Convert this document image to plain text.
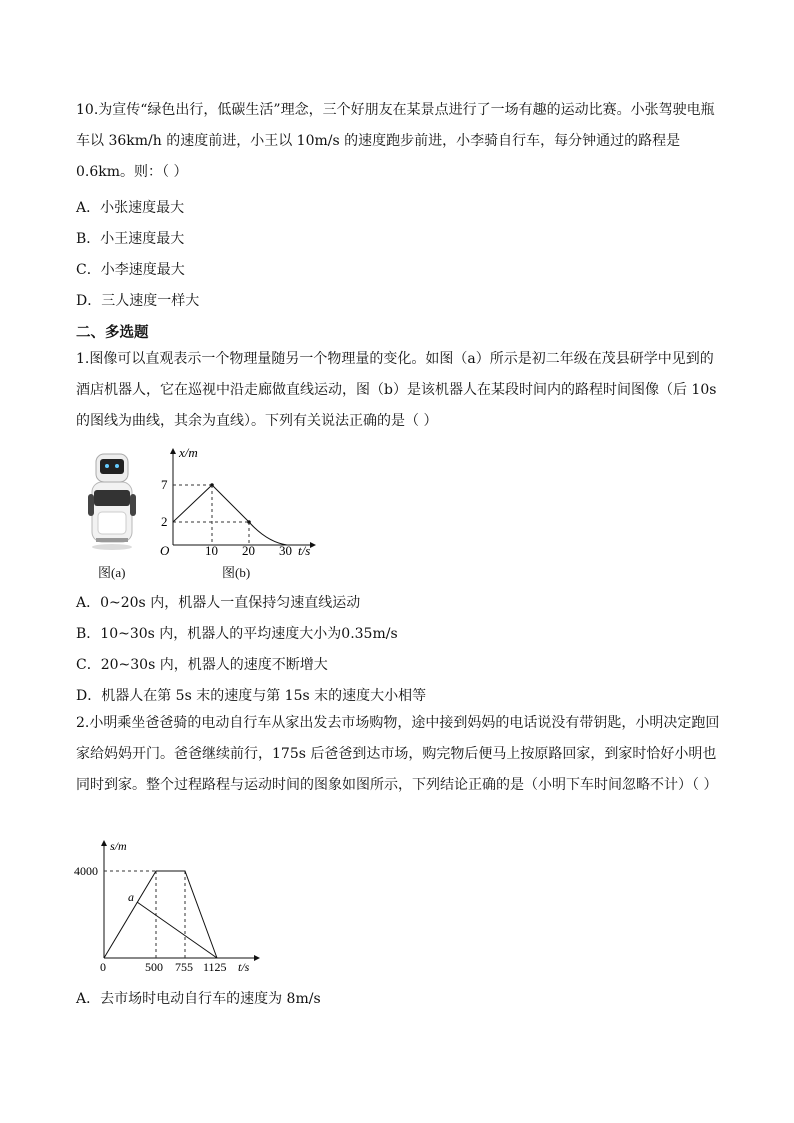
10.为宣传“绿色出行，低碳生活”理念，三个好朋友在某景点进行了一场有趣的运动比赛。小张驾驶电瓶车以 36km/h 的速度前进，小王以 10m/s 的速度跑步前进，小李骑自行车，每分钟通过的路程是 0.6km。则：（ ）
A．小张速度最大
B．小王速度最大
C．小李速度最大
D．三人速度一样大
二、多选题
1.图像可以直观表示一个物理量随另一个物理量的变化。如图（a）所示是初二年级在茂县研学中见到的酒店机器人，它在巡视中沿走廊做直线运动，图（b）是该机器人在某段时间内的路程时间图像（后 10s 的图线为曲线，其余为直线）。下列有关说法正确的是（ ）
图(a)
x/m
t/s
O
7
2
10 20 30
图(b)
A．0~20s 内，机器人一直保持匀速直线运动
B．10~30s 内，机器人的平均速度大小为0.35m/s
C．20~30s 内，机器人的速度不断增大
D．机器人在第 5s 末的速度与第 15s 末的速度大小相等
2.小明乘坐爸爸骑的电动自行车从家出发去市场购物，途中接到妈妈的电话说没有带钥匙，小明决定跑回家给妈妈开门。爸爸继续前行，175s 后爸爸到达市场，购完物后便马上按原路回家，到家时恰好小明也同时到家。整个过程路程与运动时间的图象如图所示，下列结论正确的是（小明下车时间忽略不计）（ ）
s/m
4000
a
0	500 755 1125 t/s
A．去市场时电动自行车的速度为 8m/s
